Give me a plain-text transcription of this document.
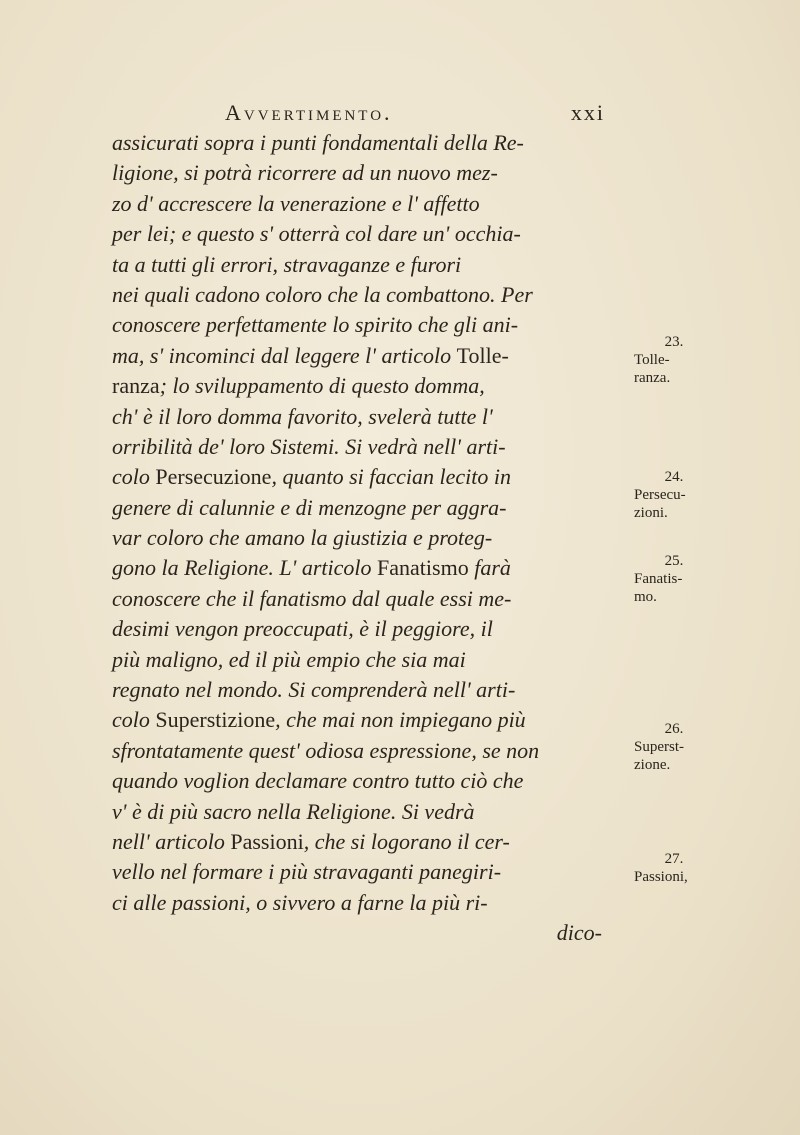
Avvertimento.	xxi
assicurati sopra i punti fondamentali della Re-
ligione, si potrà ricorrere ad un nuovo mez-
zo d' accrescere la venerazione e l' affetto
per lei; e questo s' otterrà col dare un' occhia-
ta a tutti gli errori, stravaganze e furori
nei quali cadono coloro che la combattono. Per
conoscere perfettamente lo spirito che gli ani-
ma, s' incominci dal leggere l' articolo Tolle-
ranza; lo sviluppamento di questo domma,
ch' è il loro domma favorito, svelerà tutte l'
orribilità de' loro Sistemi. Si vedrà nell' arti-
colo Persecuzione, quanto si faccian lecito in
genere di calunnie e di menzogne per aggra-
var coloro che amano la giustizia e proteg-
gono la Religione. L' articolo Fanatismo farà
conoscere che il fanatismo dal quale essi me-
desimi vengon preoccupati, è il peggiore, il
più maligno, ed il più empio che sia mai
regnato nel mondo. Si comprenderà nell' arti-
colo Superstizione, che mai non impiegano più
sfrontatamente quest' odiosa espressione, se non
quando voglion declamare contro tutto ciò che
v' è di più sacro nella Religione. Si vedrà
nell' articolo Passioni, che si logorano il cer-
vello nel formare i più stravaganti panegiri-
ci alle passioni, o sivvero a farne la più ri-
dico-
23.
Tolle-
ranza.
24.
Persecu-
zioni.
25.
Fanatis-
mo.
26.
Superst-
zione.
27.
Passioni,
